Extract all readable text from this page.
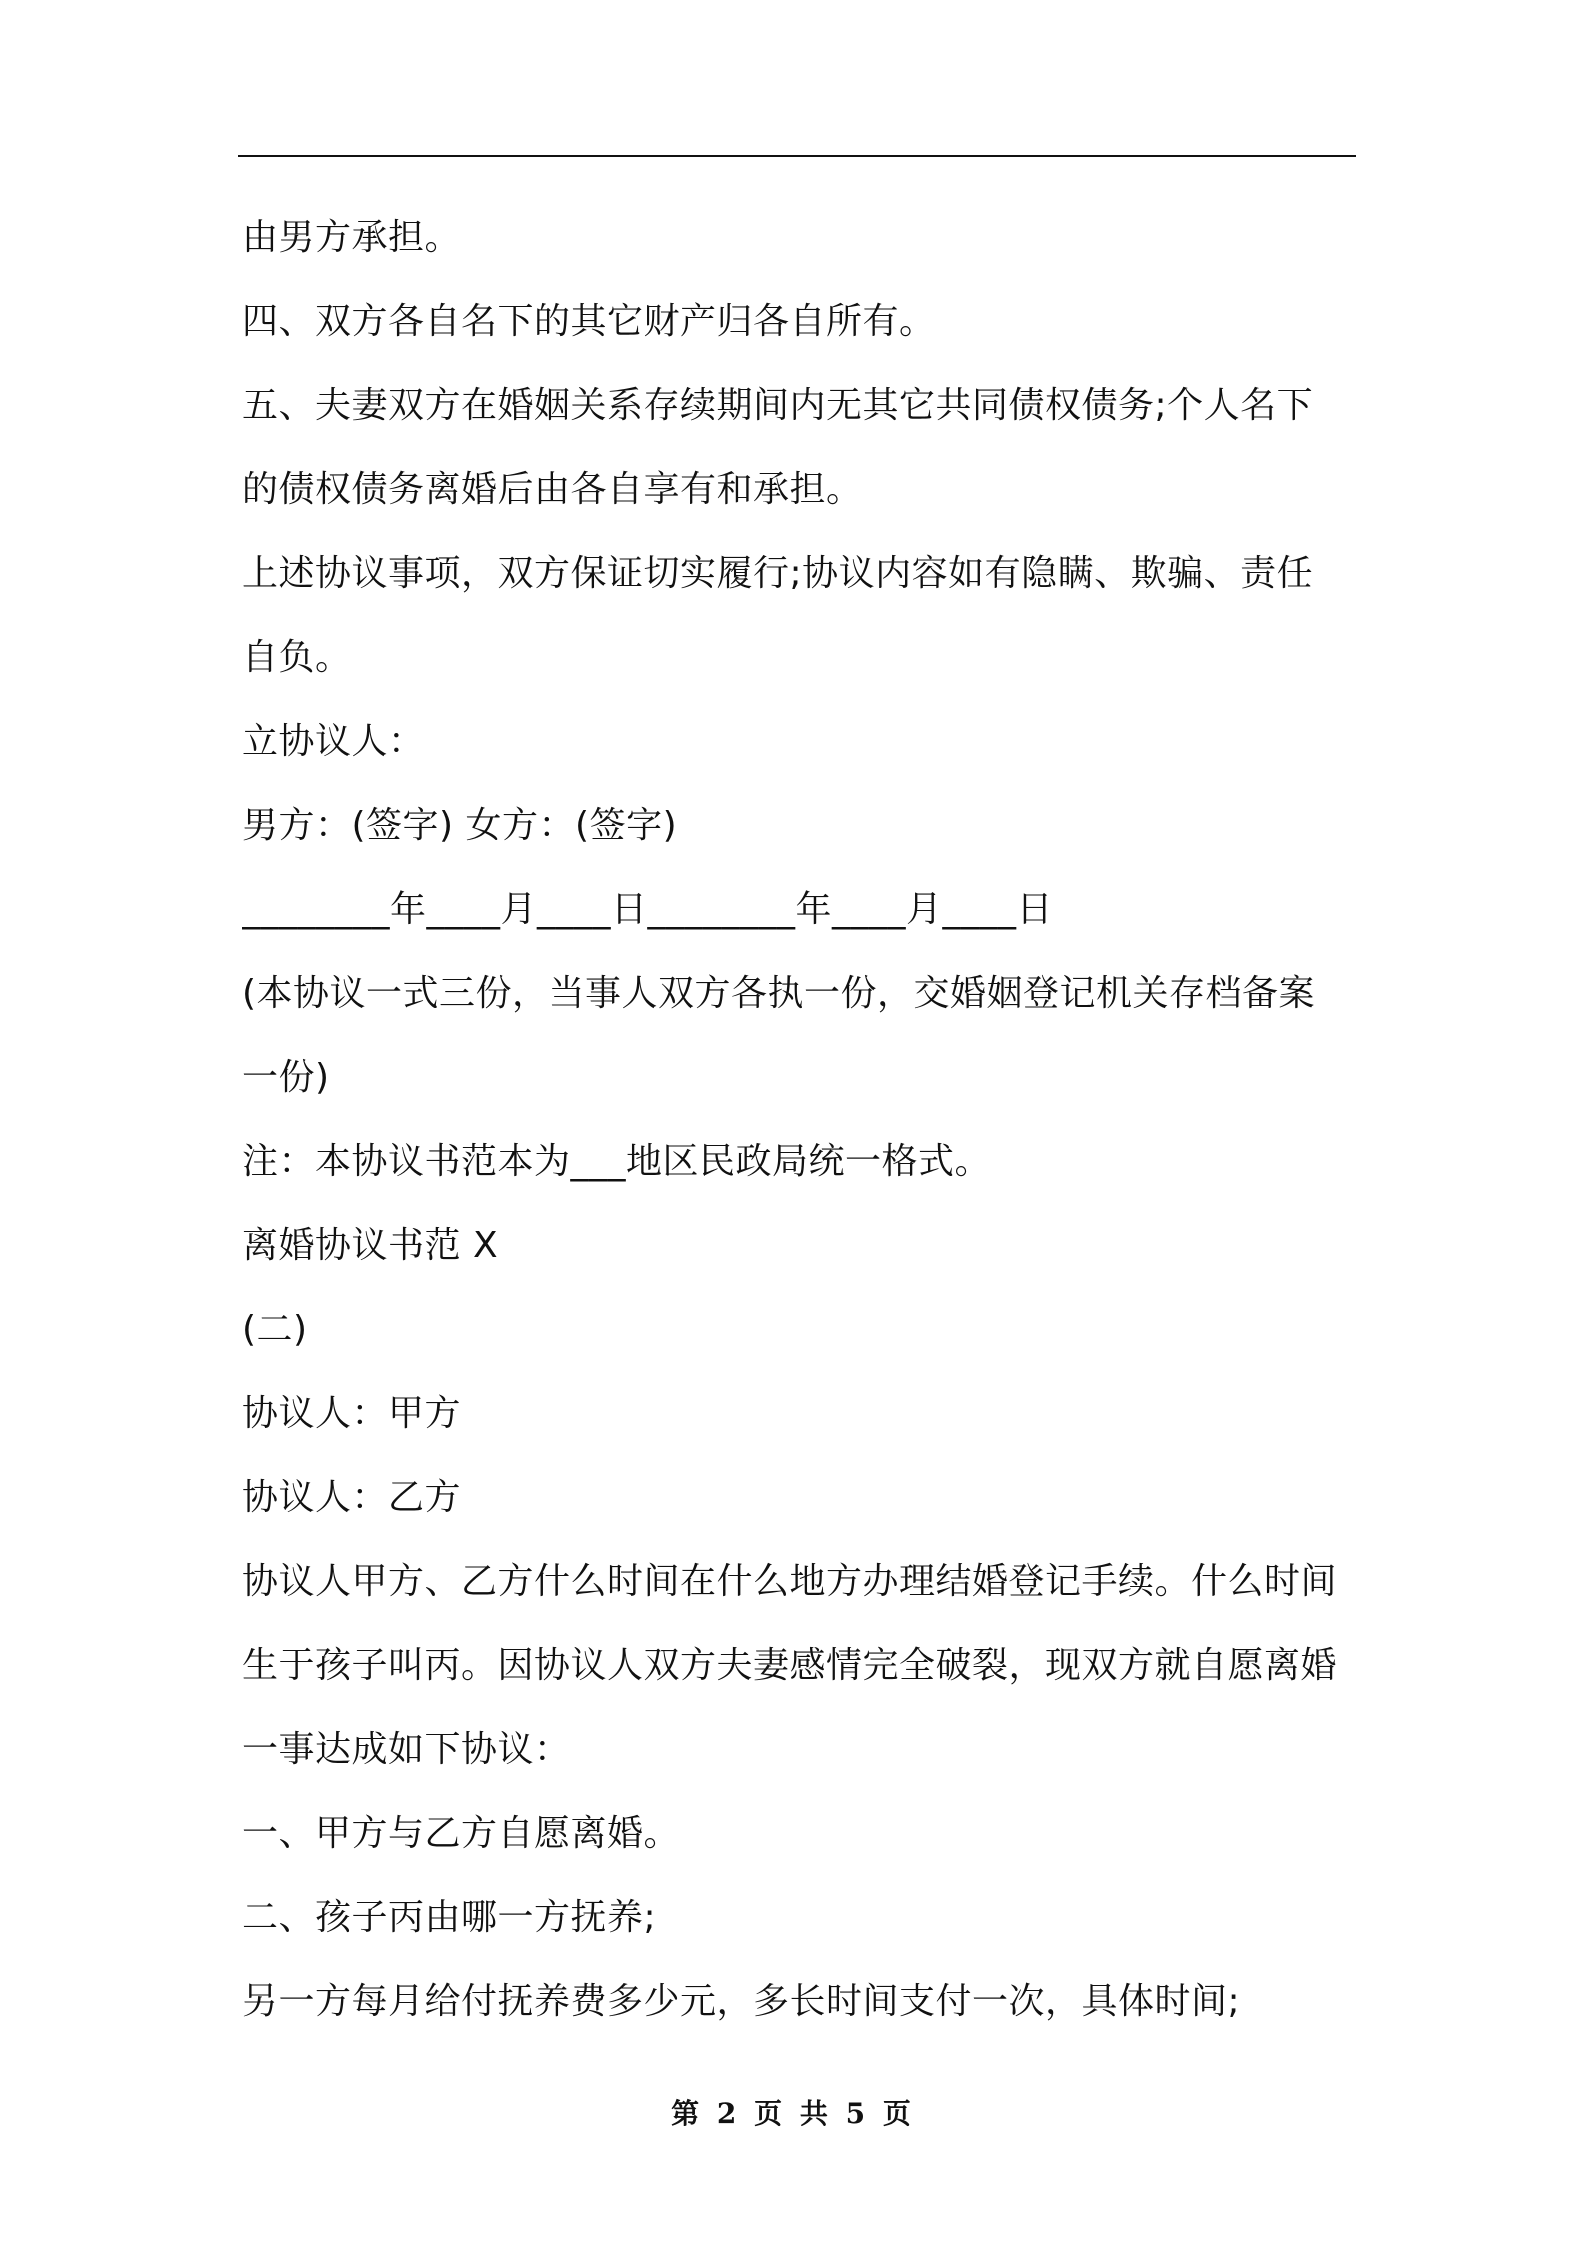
由男方承担。
四、双方各自名下的其它财产归各自所有。
五、夫妻双方在婚姻关系存续期间内无其它共同债权债务;个人名下
的债权债务离婚后由各自享有和承担。
上述协议事项，双方保证切实履行;协议内容如有隐瞒、欺骗、责任
自负。
立协议人：
男方：(签字) 女方：(签字)
________年____月____日________年____月____日
(本协议一式三份，当事人双方各执一份，交婚姻登记机关存档备案
一份)
注：本协议书范本为___地区民政局统一格式。
离婚协议书范 X
(二)
协议人：甲方
协议人：乙方
协议人甲方、乙方什么时间在什么地方办理结婚登记手续。什么时间
生于孩子叫丙。因协议人双方夫妻感情完全破裂，现双方就自愿离婚
一事达成如下协议：
一、甲方与乙方自愿离婚。
二、孩子丙由哪一方抚养;
另一方每月给付抚养费多少元，多长时间支付一次，具体时间;
第 2 页 共 5 页
